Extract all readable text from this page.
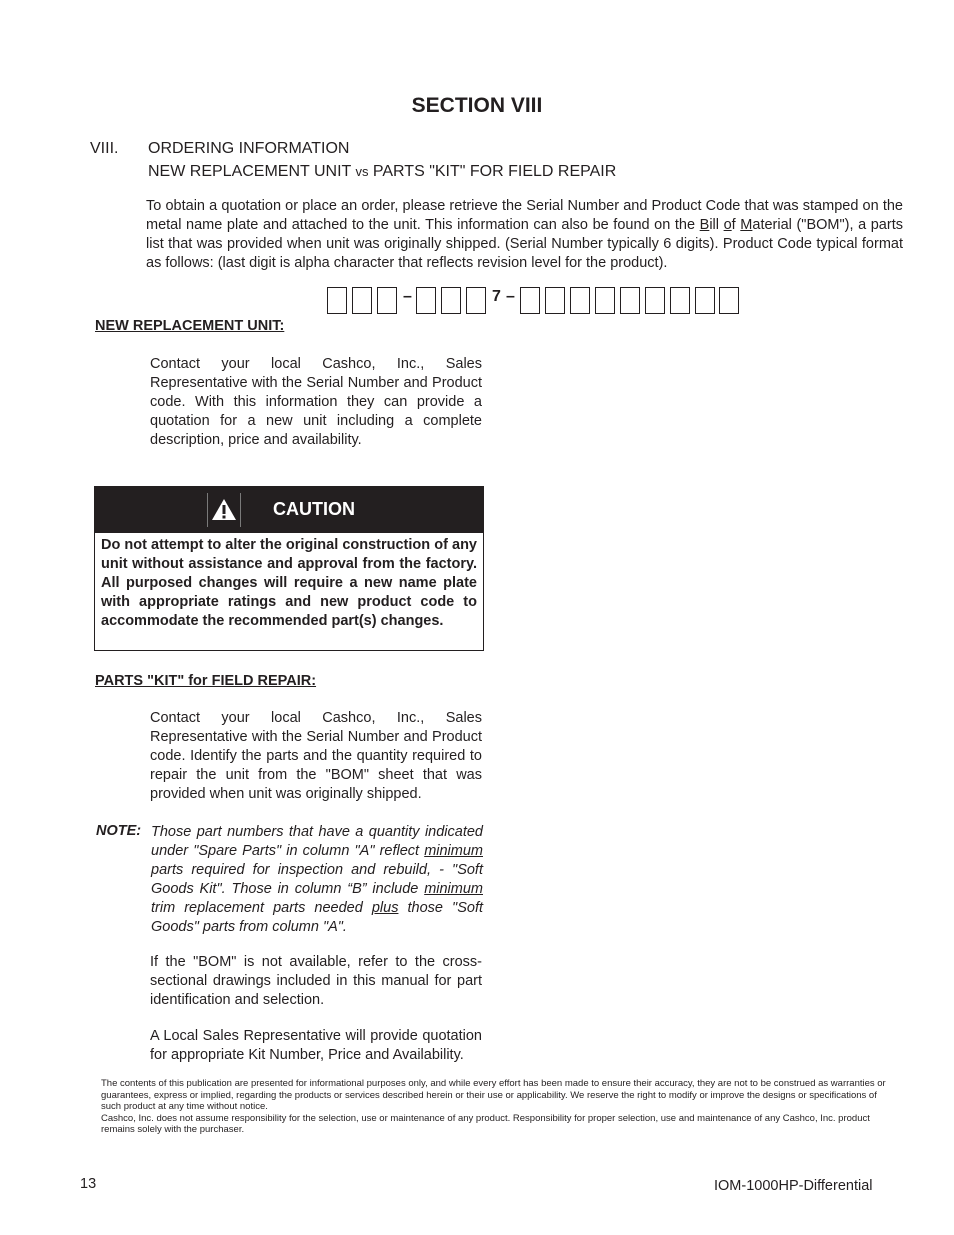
SECTION VIII
VIII. ORDERING INFORMATION
NEW REPLACEMENT UNIT vs PARTS "KIT" FOR FIELD REPAIR
To obtain a quotation or place an order, please retrieve the Serial Number and Product Code that was stamped on the metal name plate and attached to the unit. This information can also be found on the Bill of Material ("BOM"), a parts list that was provided when unit was originally shipped. (Serial Number typically 6 digits). Product Code typical format as follows: (last digit is alpha character that reflects revision level for the product).
–	7 –
NEW REPLACEMENT UNIT:
Contact your local Cashco, Inc., Sales Representative with the Serial Number and Product code. With this information they can provide a quotation for a new unit including a complete description, price and availability.
CAUTION
Do not attempt to alter the original construction of any unit without assistance and approval from the factory. All purposed changes will require a new name plate with appropriate ratings and new product code to accommodate the recommended part(s) changes.
PARTS "KIT" for FIELD REPAIR:
Contact your local Cashco, Inc., Sales Representative with the Serial Number and Product code. Identify the parts and the quantity required to repair the unit from the "BOM" sheet that was provided when unit was originally shipped.
NOTE: Those part numbers that have a quantity indicated under "Spare Parts" in column "A" reflect minimum parts required for inspection and rebuild, - "Soft Goods Kit". Those in column “B” include minimum trim replacement parts needed plus those "Soft Goods" parts from column "A".
If the "BOM" is not available, refer to the cross-sectional drawings included in this manual for part identification and selection.
A Local Sales Representative will provide quotation for appropriate Kit Number, Price and Availability.
The contents of this publication are presented for informational purposes only, and while every effort has been made to ensure their accuracy, they are not to be construed as warranties or guarantees, express or implied, regarding the products or services described herein or their use or applicability. We reserve the right to modify or improve the designs or specifications of such product at any time without notice.
Cashco, Inc. does not assume responsibility for the selection, use or maintenance of any product. Responsibility for proper selection, use and maintenance of any Cashco, Inc. product remains solely with the purchaser.
13	IOM-1000HP-Differential
